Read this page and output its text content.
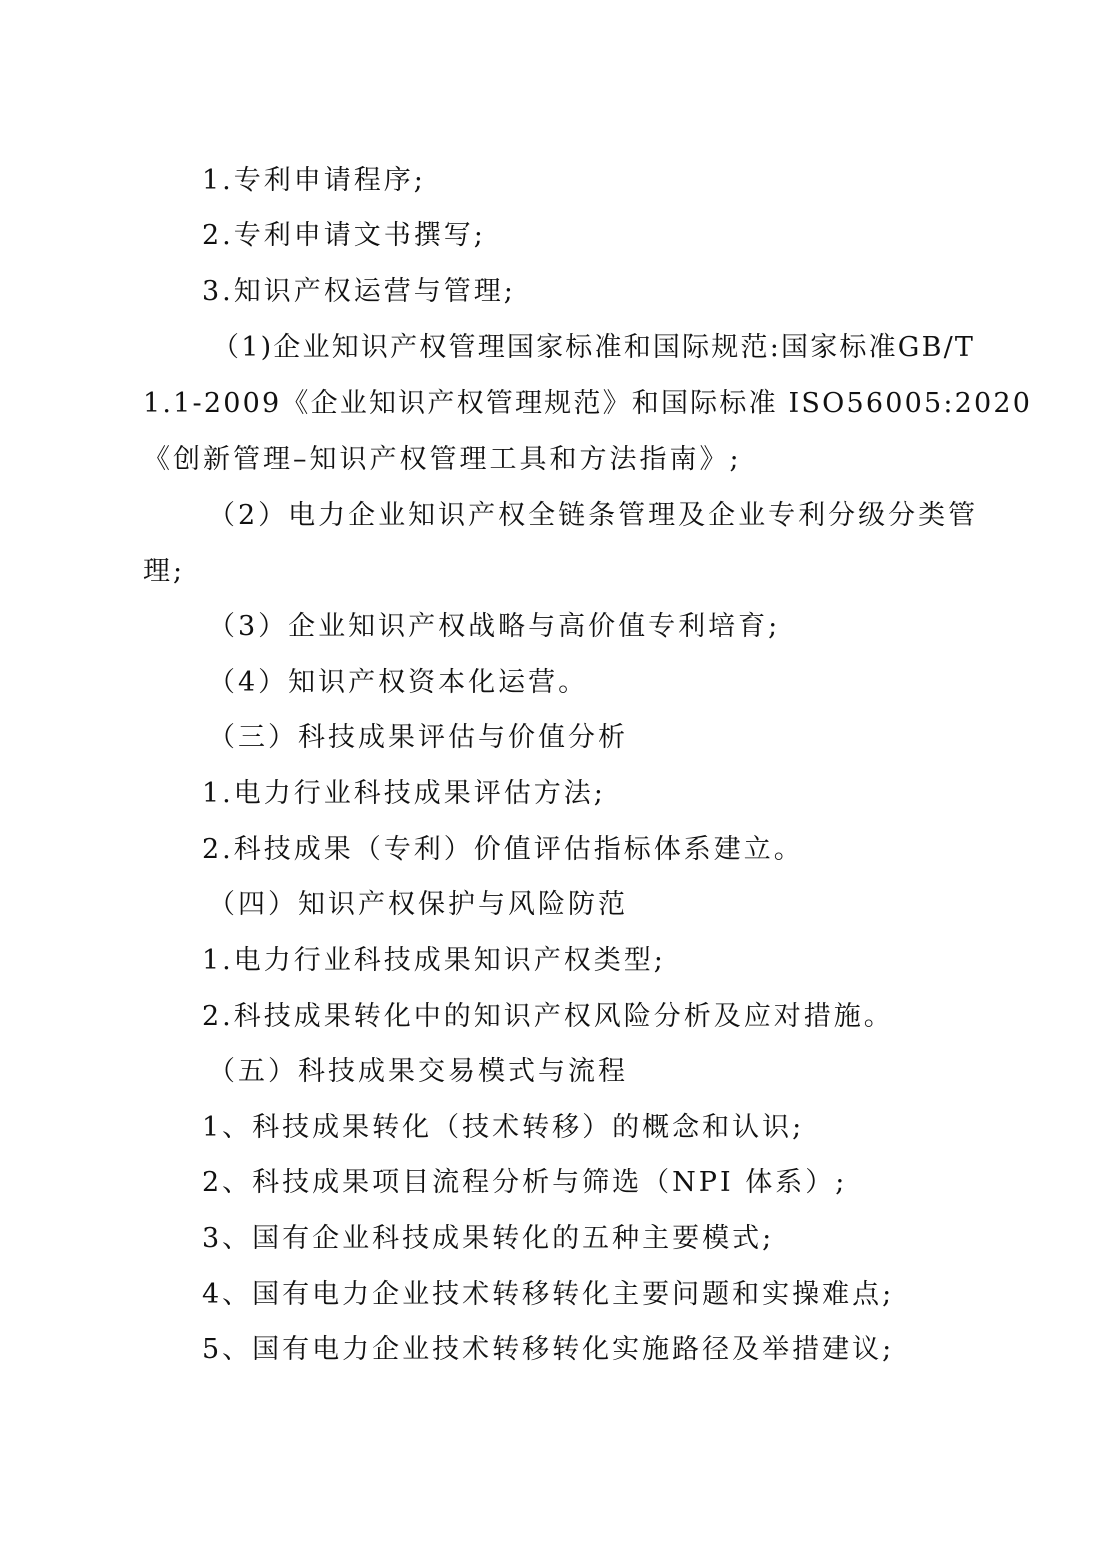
1.专利申请程序;
2.专利申请文书撰写;
3.知识产权运营与管理;
（1)企业知识产权管理国家标准和国际规范:国家标准GB/T
1.1-2009《企业知识产权管理规范》和国际标准 ISO56005:2020
《创新管理–知识产权管理工具和方法指南》;
（2）电力企业知识产权全链条管理及企业专利分级分类管
理;
（3）企业知识产权战略与高价值专利培育;
（4）知识产权资本化运营。
（三）科技成果评估与价值分析
1.电力行业科技成果评估方法;
2.科技成果（专利）价值评估指标体系建立。
（四）知识产权保护与风险防范
1.电力行业科技成果知识产权类型;
2.科技成果转化中的知识产权风险分析及应对措施。
（五）科技成果交易模式与流程
1、科技成果转化（技术转移）的概念和认识;
2、科技成果项目流程分析与筛选（NPI 体系）;
3、国有企业科技成果转化的五种主要模式;
4、国有电力企业技术转移转化主要问题和实操难点;
5、国有电力企业技术转移转化实施路径及举措建议;
